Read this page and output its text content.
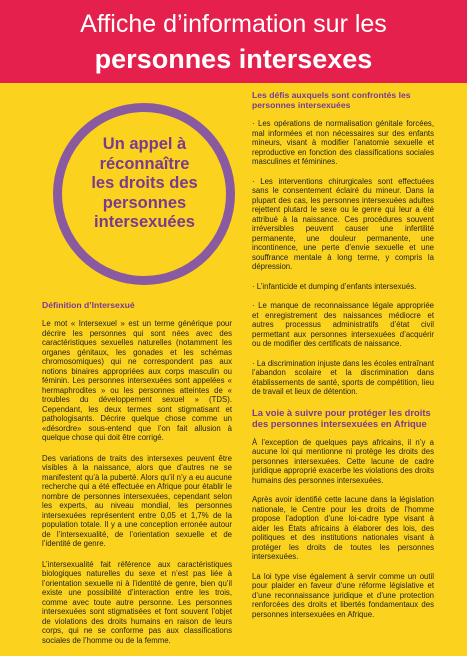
Affiche d’information sur les
personnes intersexes
Un appel à
réconnaître
les droits des
personnes
intersexuées
Définition d’Intersexué

Le mot « Intersexuel » est un terme générique pour décrire les personnes qui sont nées avec des caractéristiques sexuelles naturelles (notamment les organes génitaux, les gonades et les schémas chromosomiques) qui ne correspondent pas aux notions binaires appropriées aux corps masculin ou féminin. Les personnes intersexuées sont appelées « hermaphrodites » ou les personnes atteintes de « troubles du développement sexuel » (TDS). Cependant, les deux termes sont stigmatisant et pathologisants. Décrire quelque chose comme un «désordre» sous-entend que l’on fait allusion à quelque chose qui doit être corrigé.

Des variations de traits des intersexes peuvent être visibles à la naissance, alors que d’autres ne se manifestent qu’à la puberté. Alors qu’il n’y a eu aucune recherche qui a été effectuée en Afrique pour établir le nombre de personnes intersexuées, cependant selon les experts, au niveau mondial, les personnes intersexuées représentent entre 0,05 et 1,7% de la population totale. Il y a une conception erronée autour de l’intersexualité, de l’orientation sexuelle et de l’identité de genre.

L’intersexualité fait référence aux caractéristiques biologiques naturelles du sexe et n’est pas liée à l’orientation sexuelle ni à l’identité de genre, bien qu’il existe une possibilité d’interaction entre les trois, comme avec toute autre personne. Les personnes intersexuées sont stigmatisées et font souvent l’objet de violations des droits humains en raison de leurs corps, qui ne se conforme pas aux classifications sociales de l’homme ou de la femme.

Les défis auxquels sont confrontés les personnes intersexuées

· Les opérations de normalisation génitale forcées, mal informées et non nécessaires sur des enfants mineurs, visant à modifier l’anatomie sexuelle et reproductive en fonction des classifications sociales masculines et féminines.

· Les interventions chirurgicales sont effectuées sans le consentement éclairé du mineur. Dans la plupart des cas, les personnes intersexuées adultes rejettent plutard le sexe ou le genre qui leur a été attribué à la naissance. Ces procédures souvent irréversibles peuvent causer une infertilité permanente, une douleur permanente, une incontinence, une perte d’envie sexuelle et une souffrance mentale à long terme, y compris la dépression.

· L’infanticide et dumping d’enfants intersexués.

· Le manque de reconnaissance légale appropriée et enregistrement des naissances médiocre et autres processus administratifs d’état civil permettant aux personnes intersexuées d’acquérir ou de modifier des certificats de naissance.

· La discrimination injuste dans les écoles entraînant l’abandon scolaire et la discrimination dans établissements de santé, sports de compétition, lieu de travail et lieux de détention.

La voie à suivre pour protéger les droits des personnes intersexuées en Afrique

À l’exception de quelques pays africains, il n’y a aucune loi qui mentionne ni protège les droits des personnes intersexuées. Cette lacune de cadre juridique approprié exacerbe les violations des droits humains des personnes intersexuées.

Après avoir identifié cette lacune dans la législation nationale, le Centre pour les droits de l’homme propose l’adoption d’une loi-cadre type visant à aider les États africains à élaborer des lois, des politiques et des institutions nationales visant à protéger les droits de toutes les personnes intersexuées.

La loi type vise également à servir comme un outil pour plaider en faveur d’une réforme législative et d’une reconnaissance juridique et d’une protection renforcées des droits et libertés fondamentaux des personnes intersexuées en Afrique.
